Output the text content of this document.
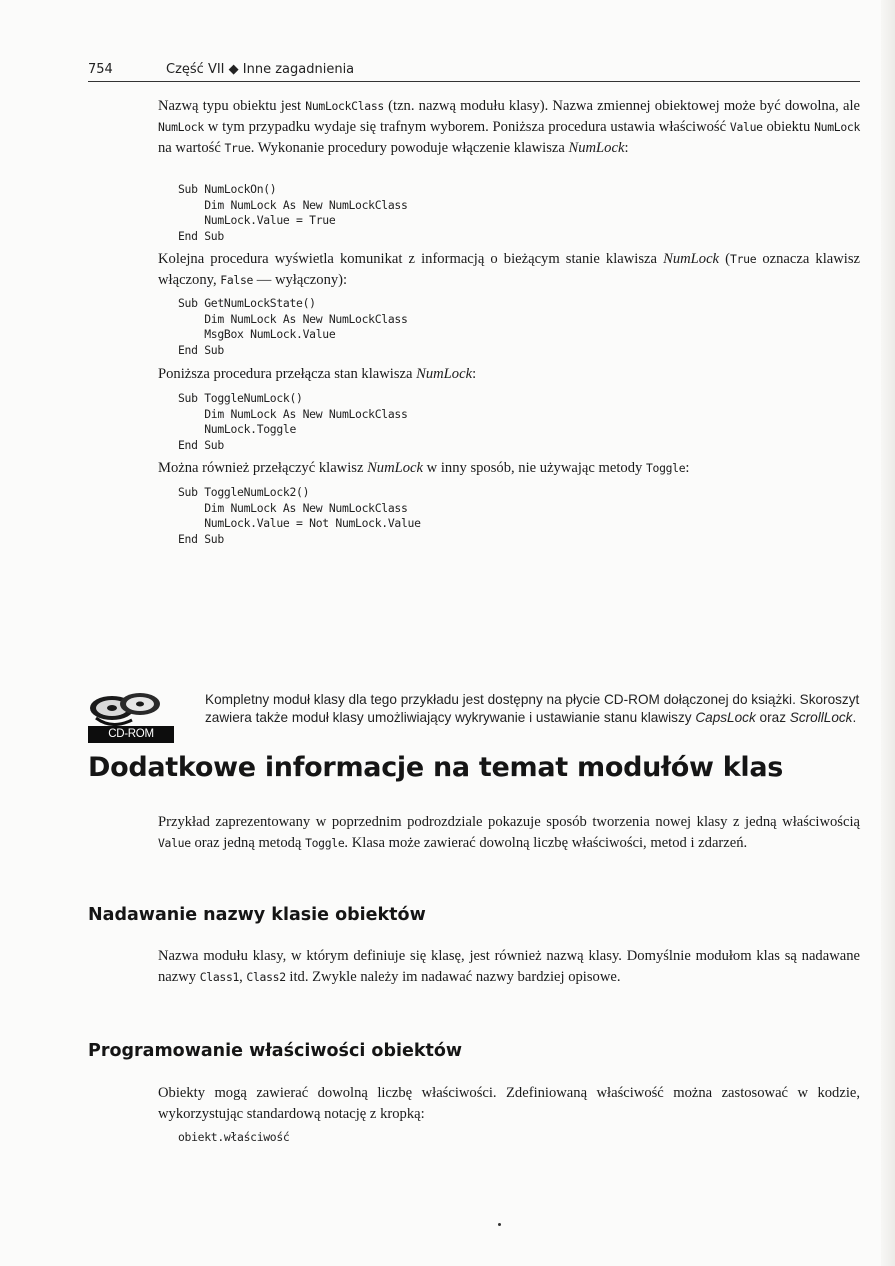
754	Część VII ◆ Inne zagadnienia

Nazwą typu obiektu jest NumLockClass (tzn. nazwą modułu klasy). Nazwa zmiennej obiektowej może być dowolna, ale NumLock w tym przypadku wydaje się trafnym wyborem. Poniższa procedura ustawia właściwość Value obiektu NumLock na wartość True. Wykonanie procedury powoduje włączenie klawisza NumLock:

Sub NumLockOn()
Dim NumLock As New NumLockClass
NumLock.Value = True
End Sub

Kolejna procedura wyświetla komunikat z informacją o bieżącym stanie klawisza NumLock (True oznacza klawisz włączony, False — wyłączony):

Sub GetNumLockState()
Dim NumLock As New NumLockClass
MsgBox NumLock.Value
End Sub

Poniższa procedura przełącza stan klawisza NumLock:

Sub ToggleNumLock()
Dim NumLock As New NumLockClass
NumLock.Toggle
End Sub

Można również przełączyć klawisz NumLock w inny sposób, nie używając metody Toggle:

Sub ToggleNumLock2()
Dim NumLock As New NumLockClass
NumLock.Value = Not NumLock.Value
End Sub
CD-ROM

Kompletny moduł klasy dla tego przykładu jest dostępny na płycie CD-ROM dołączonej do książki. Skoroszyt zawiera także moduł klasy umożliwiający wykrywanie i ustawianie stanu klawiszy CapsLock oraz ScrollLock.

Dodatkowe informacje na temat modułów klas

Przykład zaprezentowany w poprzednim podrozdziale pokazuje sposób tworzenia nowej klasy z jedną właściwością Value oraz jedną metodą Toggle. Klasa może zawierać dowolną liczbę właściwości, metod i zdarzeń.

Nadawanie nazwy klasie obiektów

Nazwa modułu klasy, w którym definiuje się klasę, jest również nazwą klasy. Domyślnie modułom klas są nadawane nazwy Class1, Class2 itd. Zwykle należy im nadawać nazwy bardziej opisowe.

Programowanie właściwości obiektów

Obiekty mogą zawierać dowolną liczbę właściwości. Zdefiniowaną właściwość można zastosować w kodzie, wykorzystując standardową notację z kropką:

obiekt.właściwość
